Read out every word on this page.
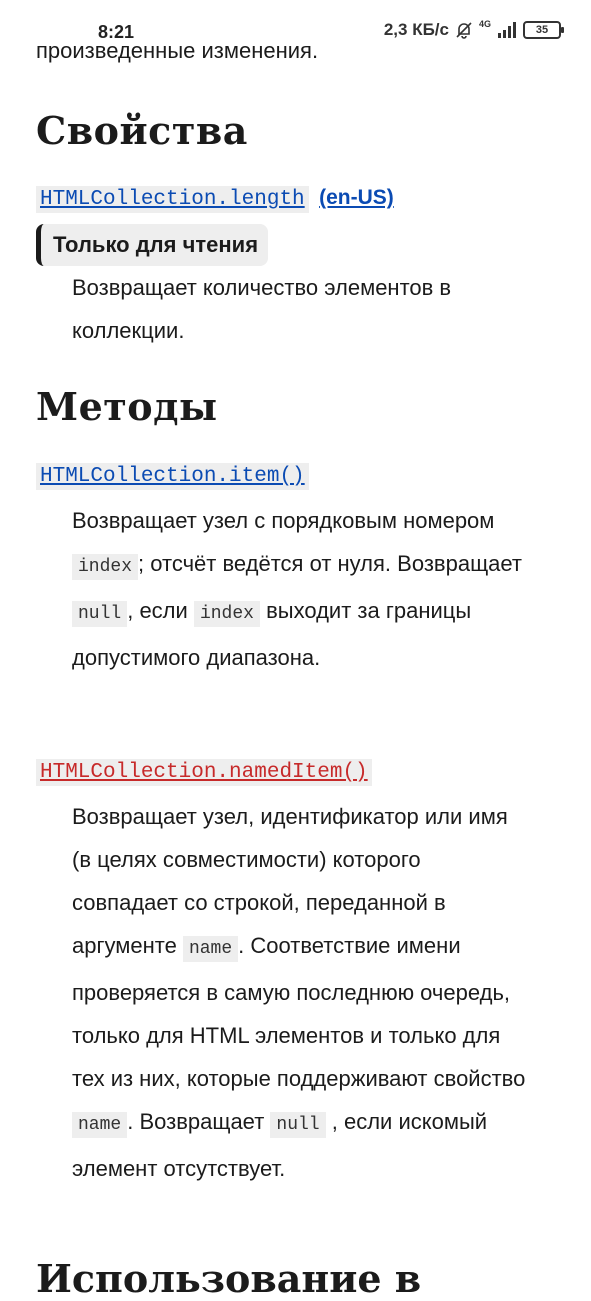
8:21	2,3 КБ/с	4G	35
произведенные изменения.
Свойства
HTMLCollection.length (en-US)
Только для чтения
Возвращает количество элементов в коллекции.
Методы
HTMLCollection.item()
Возвращает узел с порядковым номером index ; отсчёт ведётся от нуля. Возвращает null , если index выходит за границы допустимого диапазона.
HTMLCollection.namedItem()
Возвращает узел, идентификатор или имя (в целях совместимости) которого совпадает со строкой, переданной в аргументе name . Соответствие имени проверяется в самую последнюю очередь, только для HTML элементов и только для тех из них, которые поддерживают свойство name . Возвращает null , если искомый элемент отсутствует.
Использование в
